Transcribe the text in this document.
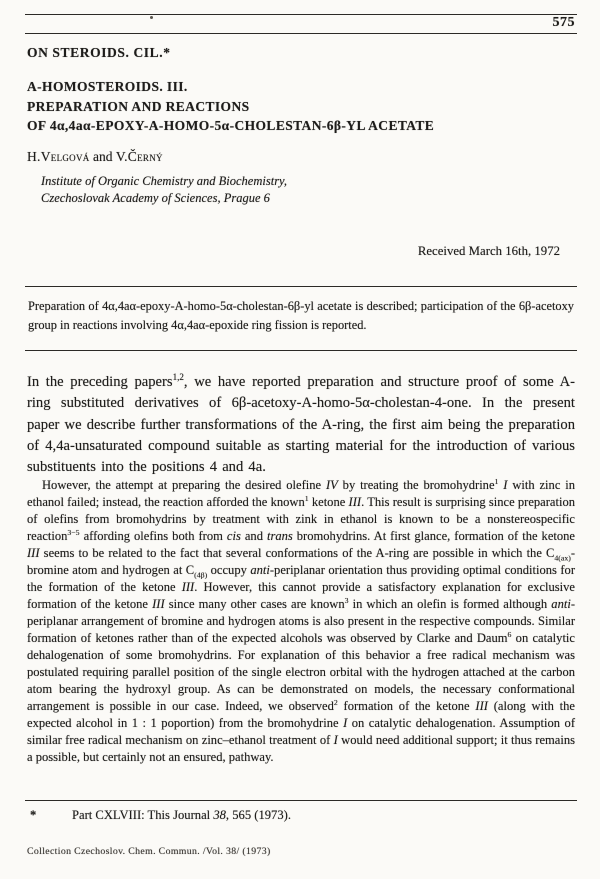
575
ON STEROIDS. CIL.*
A-HOMOSTEROIDS. III.
PREPARATION AND REACTIONS
OF 4α,4aα-EPOXY-A-HOMO-5α-CHOLESTAN-6β-YL ACETATE
H.Velgová and V.Černý
Institute of Organic Chemistry and Biochemistry,
Czechoslovak Academy of Sciences, Prague 6
Received March 16th, 1972
Preparation of 4α,4aα-epoxy-A-homo-5α-cholestan-6β-yl acetate is described; participation of the 6β-acetoxy group in reactions involving 4α,4aα-epoxide ring fission is reported.
In the preceding papers$^{1,2}$, we have reported preparation and structure proof of some A-ring substituted derivatives of 6β-acetoxy-A-homo-5α-cholestan-4-one. In the present paper we describe further transformations of the A-ring, the first aim being the preparation of 4,4a-unsaturated compound suitable as starting material for the introduction of various substituents into the positions 4 and 4a.
However, the attempt at preparing the desired olefine IV by treating the bromohydrine$^1$ I with zinc in ethanol failed; instead, the reaction afforded the known$^1$ ketone III. This result is surprising since preparation of olefins from bromohydrins by treatment with zink in ethanol is known to be a nonstereospecific reaction$^{3-5}$ affording olefins both from cis and trans bromohydrins. At first glance, formation of the ketone III seems to be related to the fact that several conformations of the A-ring are possible in which the $C_{4(ax)}$-bromine atom and hydrogen at $C_{(4\beta)}$ occupy anti-periplanar orientation thus providing optimal conditions for the formation of the ketone III. However, this cannot provide a satisfactory explanation for exclusive formation of the ketone III since many other cases are known$^3$ in which an olefin is formed although anti-periplanar arrangement of bromine and hydrogen atoms is also present in the respective compounds. Similar formation of ketones rather than of the expected alcohols was observed by Clarke and Daum$^6$ on catalytic dehalogenation of some bromohydrins. For explanation of this behavior a free radical mechanism was postulated requiring parallel position of the single electron orbital with the hydrogen attached at the carbon atom bearing the hydroxyl group. As can be demonstrated on models, the necessary conformational arrangement is possible in our case. Indeed, we observed$^2$ formation of the ketone III (along with the expected alcohol in 1 : 1 poportion) from the bromohydrine I on catalytic dehalogenation. Assumption of similar free radical mechanism on zinc–ethanol treatment of I would need additional support; it thus remains a possible, but certainly not an ensured, pathway.
*	Part CXLVIII: This Journal 38, 565 (1973).
Collection Czechoslov. Chem. Commun. /Vol. 38/ (1973)
